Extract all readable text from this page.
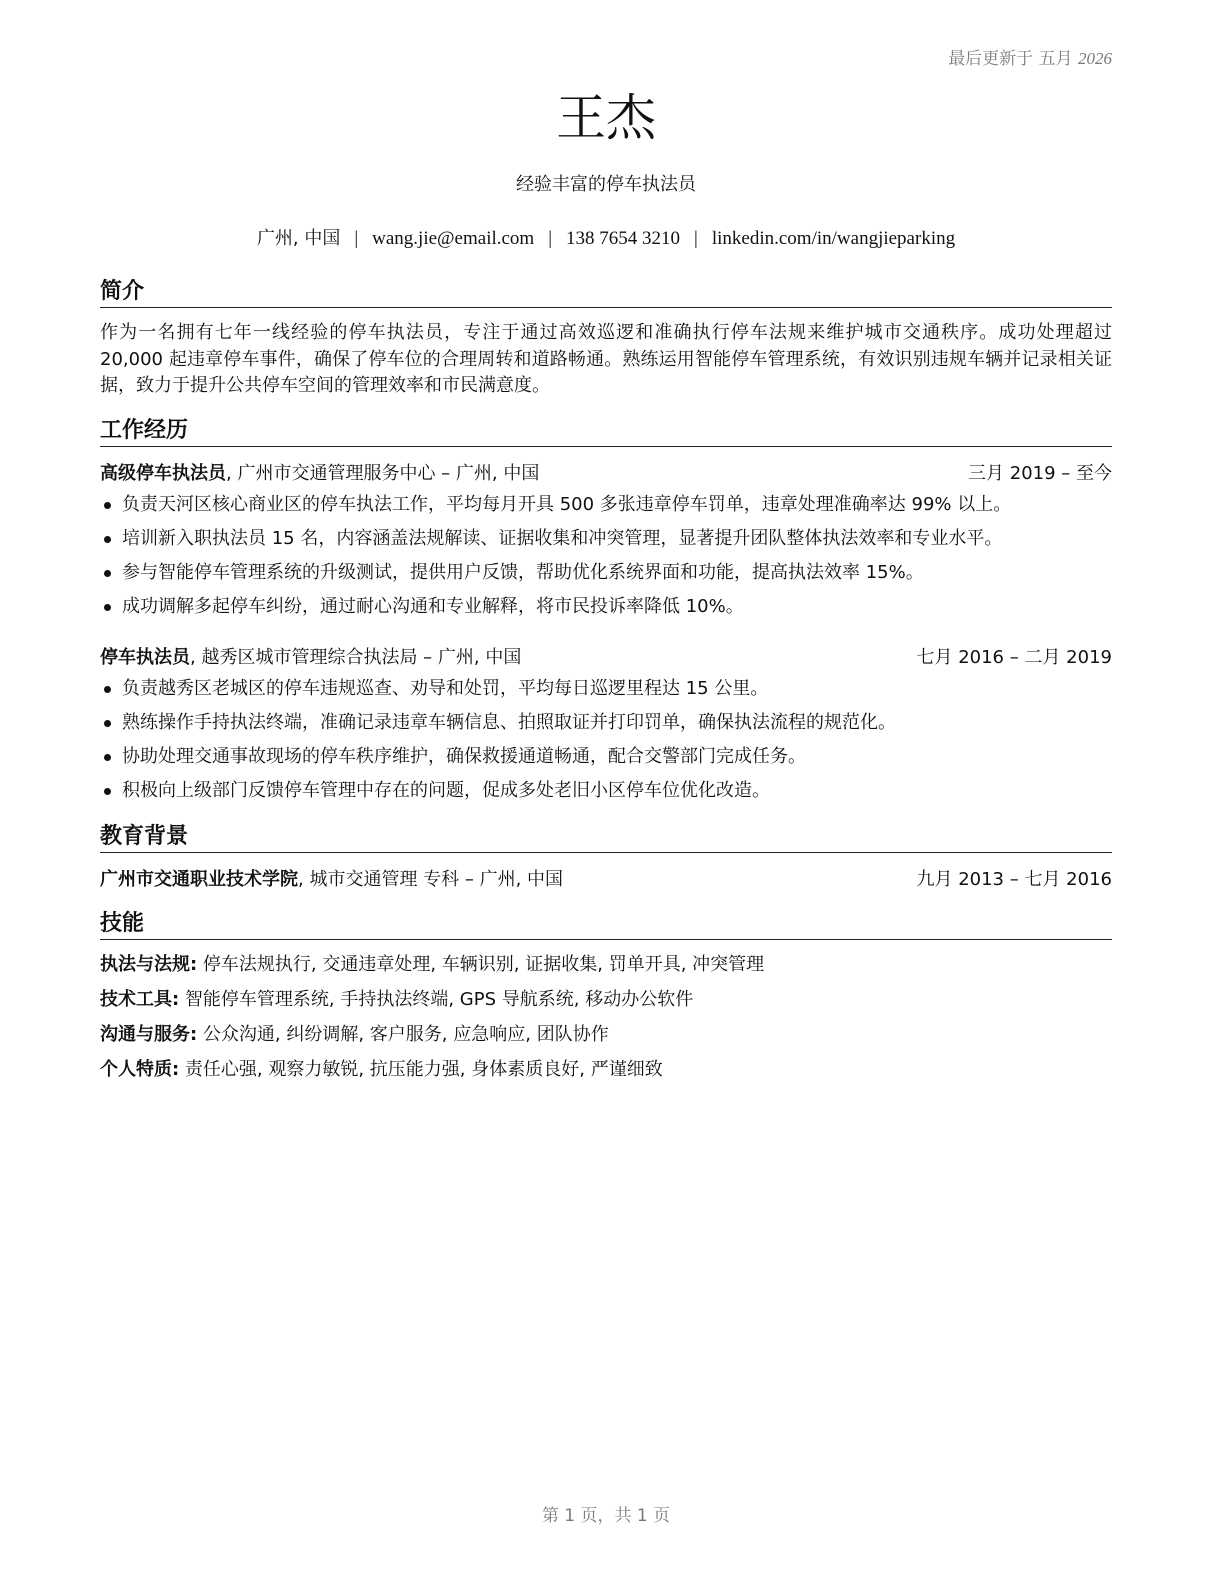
最后更新于 五月 2026
王杰
经验丰富的停车执法员
广州, 中国 | wang.jie@email.com | 138 7654 3210 | linkedin.com/in/wangjieparking
简介
作为一名拥有七年一线经验的停车执法员，专注于通过高效巡逻和准确执行停车法规来维护城市交通秩序。成功处理超过 20,000 起违章停车事件，确保了停车位的合理周转和道路畅通。熟练运用智能停车管理系统，有效识别违规车辆并记录相关证据，致力于提升公共停车空间的管理效率和市民满意度。
工作经历
高级停车执法员, 广州市交通管理服务中心 – 广州, 中国	三月 2019 – 至今
负责天河区核心商业区的停车执法工作，平均每月开具 500 多张违章停车罚单，违章处理准确率达 99% 以上。
培训新入职执法员 15 名，内容涵盖法规解读、证据收集和冲突管理，显著提升团队整体执法效率和专业水平。
参与智能停车管理系统的升级测试，提供用户反馈，帮助优化系统界面和功能，提高执法效率 15%。
成功调解多起停车纠纷，通过耐心沟通和专业解释，将市民投诉率降低 10%。
停车执法员, 越秀区城市管理综合执法局 – 广州, 中国	七月 2016 – 二月 2019
负责越秀区老城区的停车违规巡查、劝导和处罚，平均每日巡逻里程达 15 公里。
熟练操作手持执法终端，准确记录违章车辆信息、拍照取证并打印罚单，确保执法流程的规范化。
协助处理交通事故现场的停车秩序维护，确保救援通道畅通，配合交警部门完成任务。
积极向上级部门反馈停车管理中存在的问题，促成多处老旧小区停车位优化改造。
教育背景
广州市交通职业技术学院, 城市交通管理 专科 – 广州, 中国	九月 2013 – 七月 2016
技能
执法与法规: 停车法规执行, 交通违章处理, 车辆识别, 证据收集, 罚单开具, 冲突管理
技术工具: 智能停车管理系统, 手持执法终端, GPS 导航系统, 移动办公软件
沟通与服务: 公众沟通, 纠纷调解, 客户服务, 应急响应, 团队协作
个人特质: 责任心强, 观察力敏锐, 抗压能力强, 身体素质良好, 严谨细致
第 1 页，共 1 页
